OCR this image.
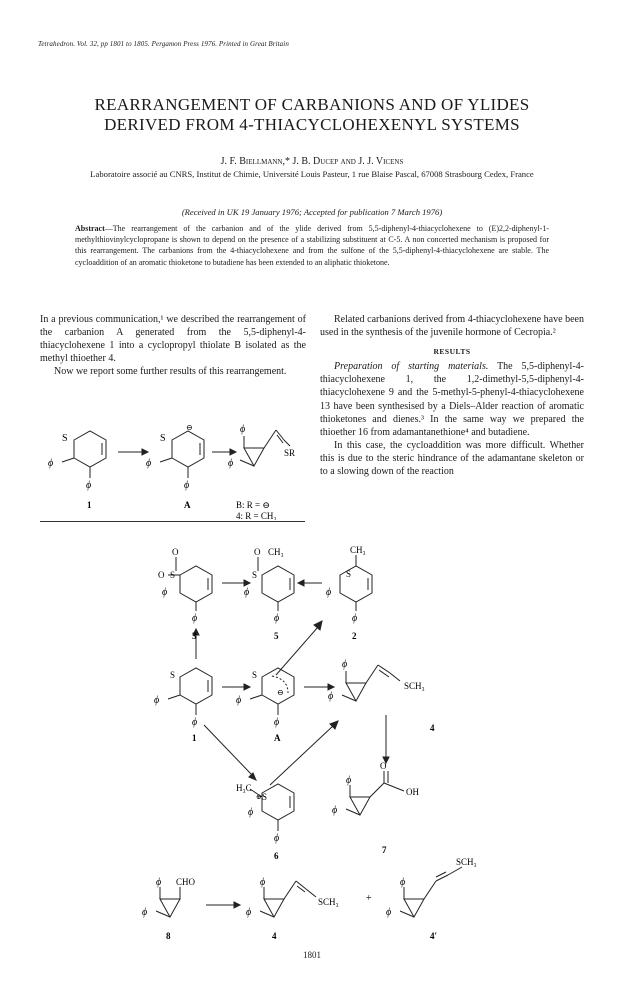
Tetrahedron. Vol. 32, pp 1801 to 1805. Pergamon Press 1976. Printed in Great Britain
REARRANGEMENT OF CARBANIONS AND OF YLIDES
DERIVED FROM 4-THIACYCLOHEXENYL SYSTEMS
J. F. Biellmann,* J. B. Ducep and J. J. Vicens
Laboratoire associé au CNRS, Institut de Chimie, Université Louis Pasteur, 1 rue Blaise Pascal, 67008 Strasbourg Cedex, France
(Received in UK 19 January 1976; Accepted for publication 7 March 1976)
Abstract—The rearrangement of the carbanion and of the ylide derived from 5,5-diphenyl-4-thiacyclohexene to (E)2,2-diphenyl-1-methylthiovinylcyclopropane is shown to depend on the presence of a stabilizing substituent at C-5. A non concerted mechanism is proposed for this rearrangement. The carbanions from the 4-thiacyclohexene and from the sulfone of the 5,5-diphenyl-4-thiacyclohexene are stable. The cycloaddition of an aromatic thioketone to butadiene has been extended to an aliphatic thioketone.
In a previous communication,¹ we described the rearrangement of the carbanion A generated from the 5,5-diphenyl-4-thiacyclohexene 1 into a cyclopropyl thiolate B isolated as the methyl thioether 4.
Now we report some further results of this rearrangement.
S
ϕ
ϕ
S
⊖
ϕ
ϕ
ϕ
ϕ
SR
1	A	B: R = ⊖
4: R = CH₃
Related carbanions derived from 4-thiacyclohexene have been used in the synthesis of the juvenile hormone of Cecropia.²
RESULTS
Preparation of starting materials. The 5,5-diphenyl-4-thiacyclohexene 1, the 1,2-dimethyl-5,5-diphenyl-4-thiacyclohexene 9 and the 5-methyl-5-phenyl-4-thiacyclohexene 13 have been synthesised by a Diels–Alder reaction of aromatic thioketones and dienes.³ In the same way we prepared the thioether 16 from adamantanethione⁴ and butadiene.
In this case, the cycloaddition was more difficult. Whether this is due to the steric hindrance of the adamantane skeleton or to a slowing down of the reaction
O
O S
ϕ
ϕ
3
O CH₃
S
ϕ
ϕ
5
CH₃
S
ϕ
ϕ
2
S
ϕ
ϕ
1
S
⊖
ϕ
ϕ
A
ϕ
ϕ
SCH₃
4
H₃C
⊕ S
ϕ
ϕ
6
O
OH
ϕ
ϕ
7
ϕ
ϕ
CHO
8
ϕ
ϕ
SCH₃	+
4
ϕ
ϕ
SCH₃
4′
1801
